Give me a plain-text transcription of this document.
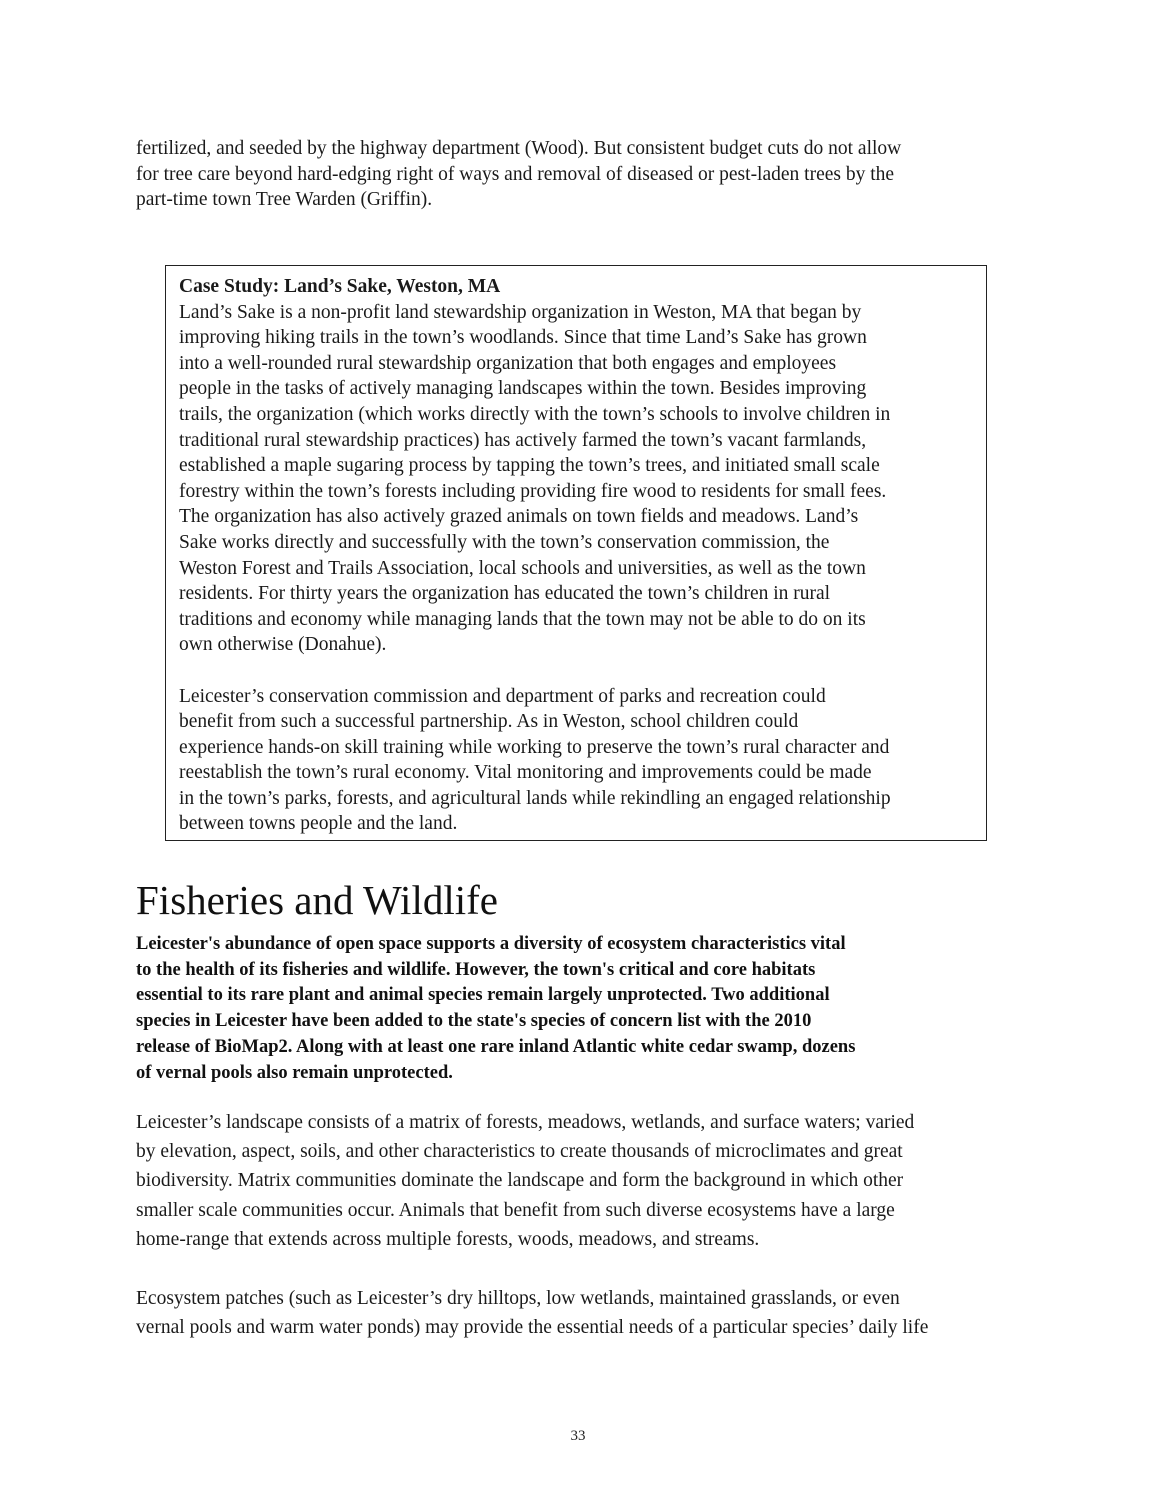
fertilized, and seeded by the highway department (Wood). But consistent budget cuts do not allow
for tree care beyond hard-edging right of ways and removal of diseased or pest-laden trees by the
part-time town Tree Warden (Griffin).
Case Study: Land’s Sake, Weston, MA
Land’s Sake is a non-profit land stewardship organization in Weston, MA that began by
improving hiking trails in the town’s woodlands. Since that time Land’s Sake has grown
into a well-rounded rural stewardship organization that both engages and employees
people in the tasks of actively managing landscapes within the town. Besides improving
trails, the organization (which works directly with the town’s schools to involve children in
traditional rural stewardship practices) has actively farmed the town’s vacant farmlands,
established a maple sugaring process by tapping the town’s trees, and initiated small scale
forestry within the town’s forests including providing fire wood to residents for small fees.
The organization has also actively grazed animals on town fields and meadows. Land’s
Sake works directly and successfully with the town’s conservation commission, the
Weston Forest and Trails Association, local schools and universities, as well as the town
residents. For thirty years the organization has educated the town’s children in rural
traditions and economy while managing lands that the town may not be able to do on its
own otherwise (Donahue).
Leicester’s conservation commission and department of parks and recreation could
benefit from such a successful partnership. As in Weston, school children could
experience hands-on skill training while working to preserve the town’s rural character and
reestablish the town’s rural economy. Vital monitoring and improvements could be made
in the town’s parks, forests, and agricultural lands while rekindling an engaged relationship
between towns people and the land.
Fisheries and Wildlife
Leicester's abundance of open space supports a diversity of ecosystem characteristics vital
to the health of its fisheries and wildlife. However, the town's critical and core habitats
essential to its rare plant and animal species remain largely unprotected. Two additional
species in Leicester have been added to the state's species of concern list with the 2010
release of BioMap2. Along with at least one rare inland Atlantic white cedar swamp, dozens
of vernal pools also remain unprotected.
Leicester’s landscape consists of a matrix of forests, meadows, wetlands, and surface waters; varied
by elevation, aspect, soils, and other characteristics to create thousands of microclimates and great
biodiversity. Matrix communities dominate the landscape and form the background in which other
smaller scale communities occur. Animals that benefit from such diverse ecosystems have a large
home-range that extends across multiple forests, woods, meadows, and streams.
Ecosystem patches (such as Leicester’s dry hilltops, low wetlands, maintained grasslands, or even
vernal pools and warm water ponds) may provide the essential needs of a particular species’ daily life
33
